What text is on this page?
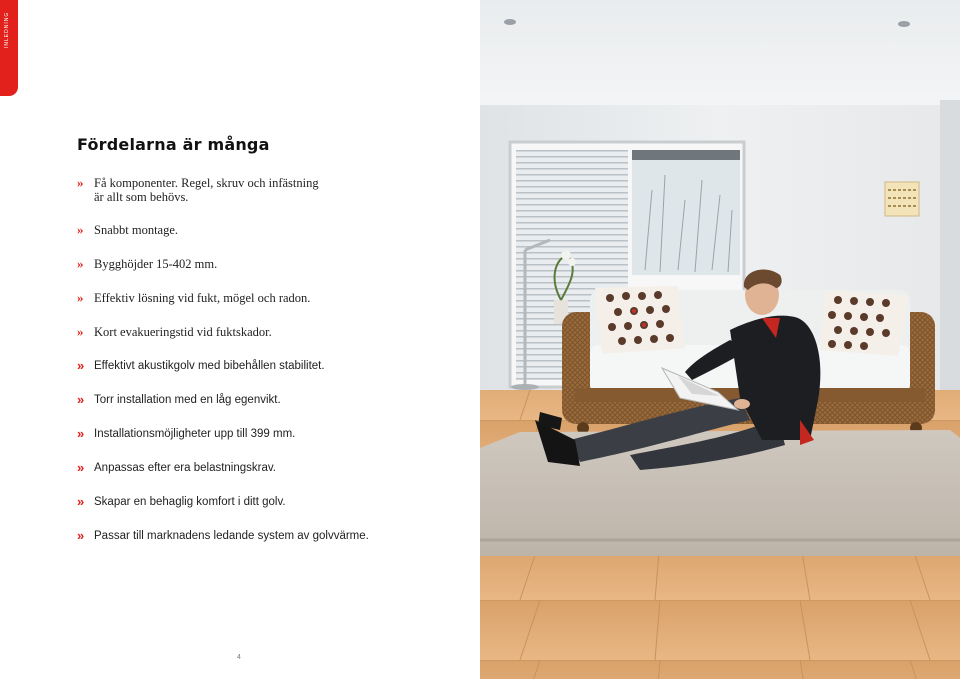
INLEDNING
Fördelarna är många
» Få komponenter. Regel, skruv och infästning
är allt som behövs.
» Snabbt montage.
» Bygghöjder 15-402 mm.
» Effektiv lösning vid fukt, mögel och radon.
» Kort evakueringstid vid fuktskador.
» Effektivt akustikgolv med bibehållen stabilitet.
» Torr installation med en låg egenvikt.
» Installationsmöjligheter upp till 399 mm.
» Anpassas efter era belastningskrav.
» Skapar en behaglig komfort i ditt golv.
» Passar till marknadens ledande system av golvvärme.
4
